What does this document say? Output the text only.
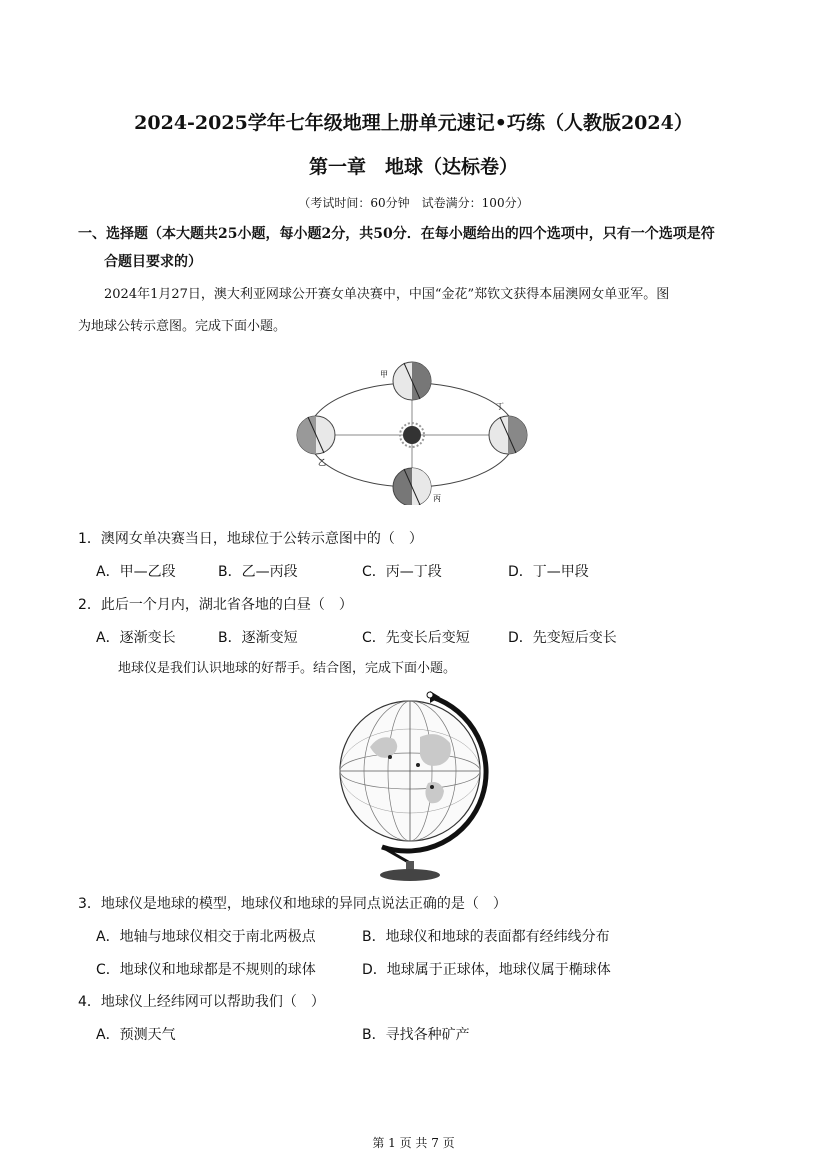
2024-2025学年七年级地理上册单元速记•巧练（人教版2024）
第一章　地球（达标卷）
（考试时间：60分钟　试卷满分：100分）
一、选择题（本大题共25小题，每小题2分，共50分．在每小题给出的四个选项中，只有一个选项是符
合题目要求的）
2024年1月27日，澳大利亚网球公开赛女单决赛中，中国“金花”郑钦文获得本届澳网女单亚军。图
为地球公转示意图。完成下面小题。
甲
乙
丙
丁
1．澳网女单决赛当日，地球位于公转示意图中的（　）
A．甲—乙段	B．乙—丙段	C．丙—丁段	D．丁—甲段
2．此后一个月内，湖北省各地的白昼（　）
A．逐渐变长	B．逐渐变短	C．先变长后变短	D．先变短后变长
地球仪是我们认识地球的好帮手。结合图，完成下面小题。
3．地球仪是地球的模型，地球仪和地球的异同点说法正确的是（　）
A．地轴与地球仪相交于南北两极点	B．地球仪和地球的表面都有经纬线分布
C．地球仪和地球都是不规则的球体	D．地球属于正球体，地球仪属于椭球体
4．地球仪上经纬网可以帮助我们（　）
A．预测天气	B．寻找各种矿产
第 1 页 共 7 页
